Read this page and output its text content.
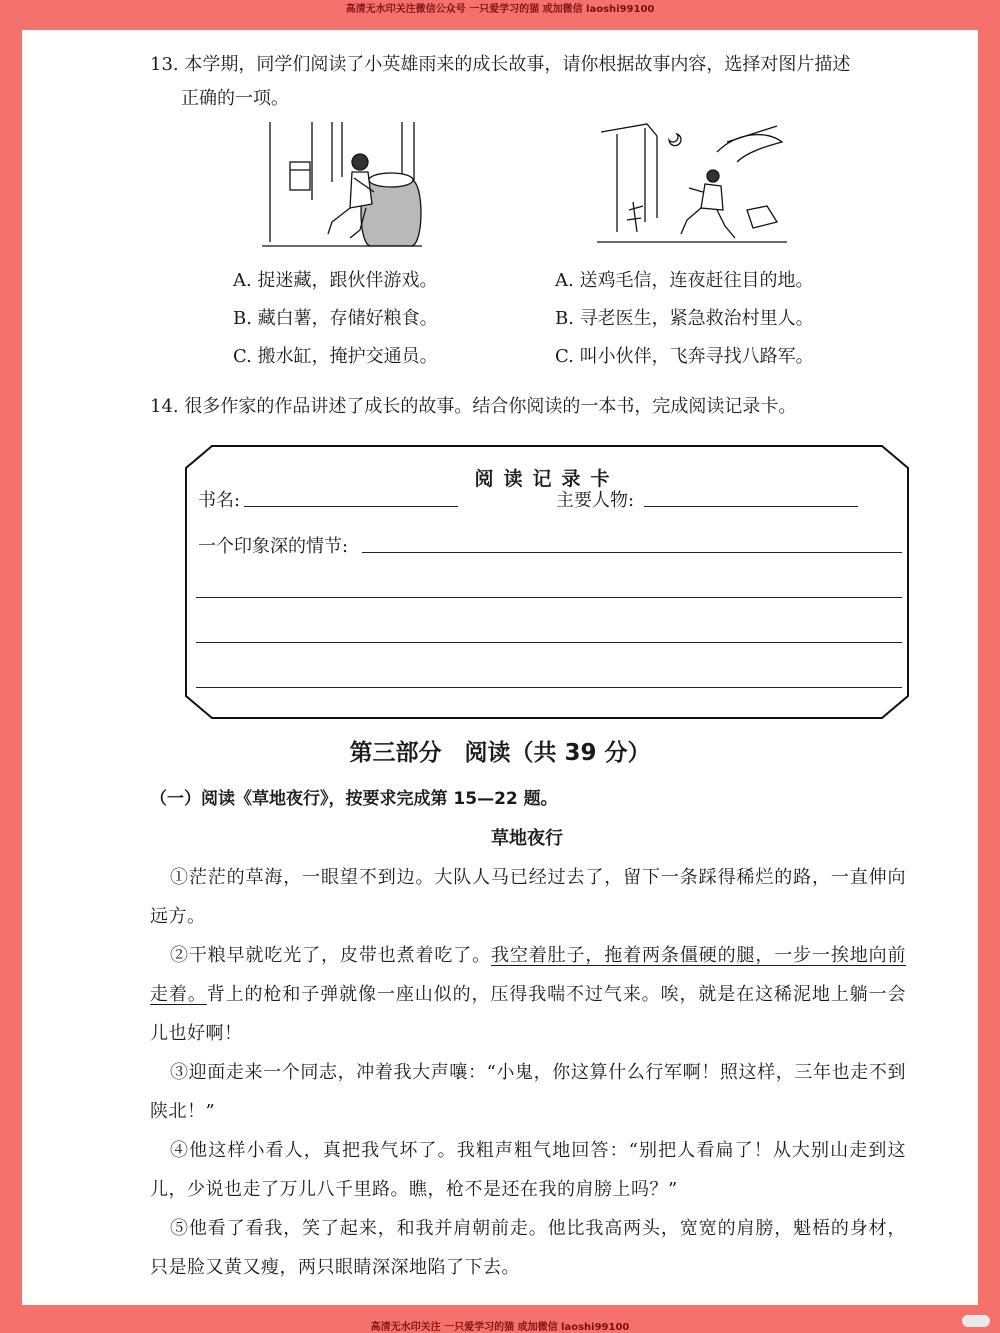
高清无水印关注微信公众号 一只爱学习的猫 或加微信 laoshi99100
13. 本学期，同学们阅读了小英雄雨来的成长故事，请你根据故事内容，选择对图片描述
正确的一项。
A. 捉迷藏，跟伙伴游戏。
B. 藏白薯，存储好粮食。
C. 搬水缸，掩护交通员。
A. 送鸡毛信，连夜赶往目的地。
B. 寻老医生，紧急救治村里人。
C. 叫小伙伴，飞奔寻找八路军。
14. 很多作家的作品讲述了成长的故事。结合你阅读的一本书，完成阅读记录卡。
阅读记录卡
书名:	主要人物:
一个印象深的情节:
第三部分　阅读（共 39 分）
（一）阅读《草地夜行》，按要求完成第 15—22 题。
草地夜行

①茫茫的草海，一眼望不到边。大队人马已经过去了，留下一条踩得稀烂的路，一直伸向远方。

②干粮早就吃光了，皮带也煮着吃了。我空着肚子，拖着两条僵硬的腿，一步一挨地向前走着。背上的枪和子弹就像一座山似的，压得我喘不过气来。唉，就是在这稀泥地上躺一会儿也好啊！

③迎面走来一个同志，冲着我大声嚷：“小鬼，你这算什么行军啊！照这样，三年也走不到陕北！”

④他这样小看人，真把我气坏了。我粗声粗气地回答：“别把人看扁了！从大别山走到这儿，少说也走了万儿八千里路。瞧，枪不是还在我的肩膀上吗？”

⑤他看了看我，笑了起来，和我并肩朝前走。他比我高两头，宽宽的肩膀，魁梧的身材，只是脸又黄又瘦，两只眼睛深深地陷了下去。

高清无水印关注 一只爱学习的猫 或加微信 laoshi99100
